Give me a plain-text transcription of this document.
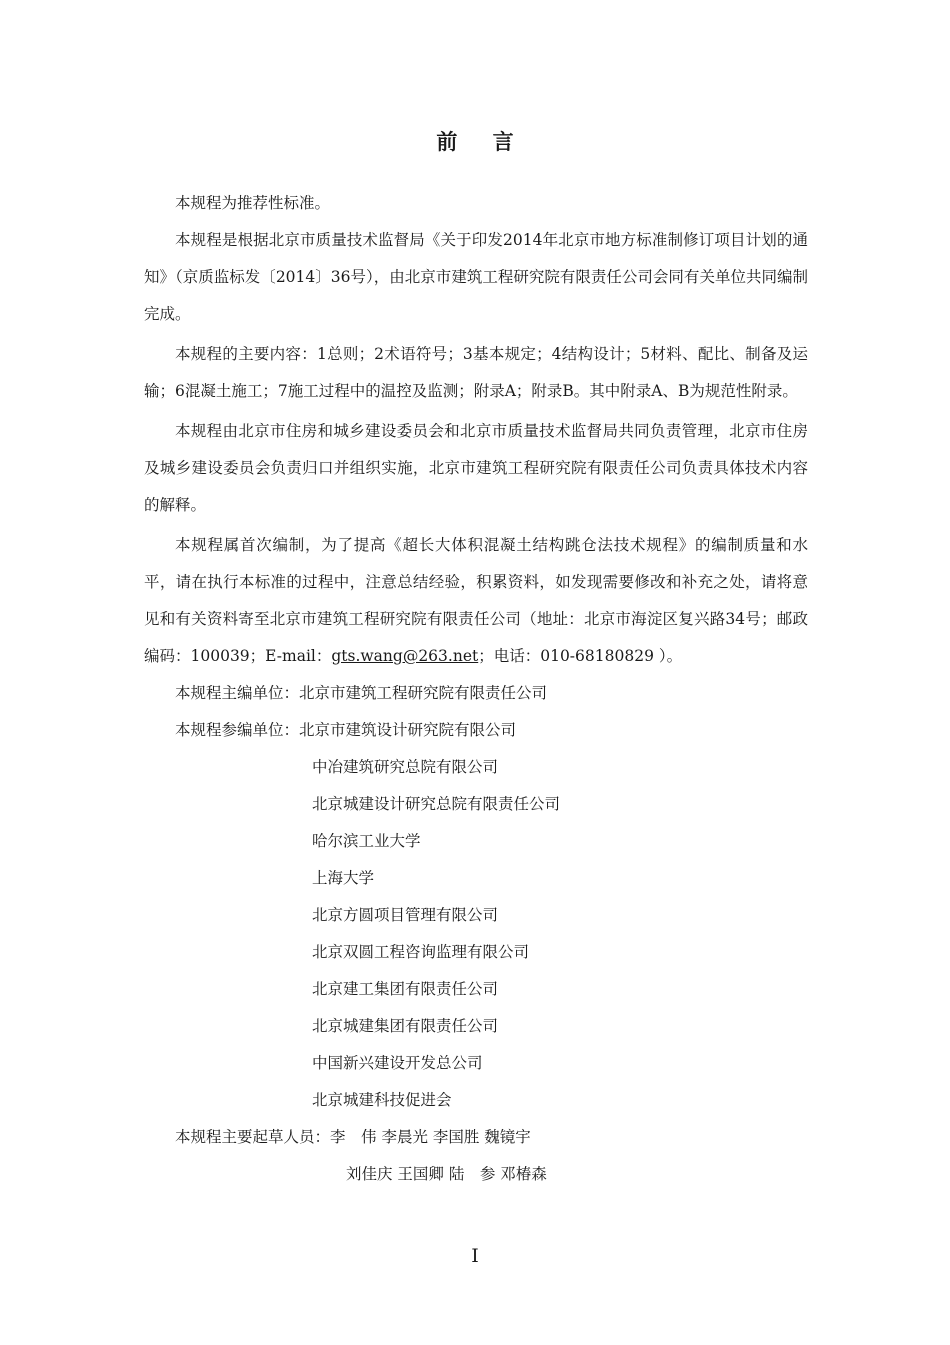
前 言

本规程为推荐性标准。

本规程是根据北京市质量技术监督局《关于印发2014年北京市地方标准制修订项目计划的通知》（京质监标发〔2014〕36号），由北京市建筑工程研究院有限责任公司会同有关单位共同编制完成。

本规程的主要内容：1总则；2术语符号；3基本规定；4结构设计；5材料、配比、制备及运输；6混凝土施工；7施工过程中的温控及监测；附录A；附录B。其中附录A、B为规范性附录。

本规程由北京市住房和城乡建设委员会和北京市质量技术监督局共同负责管理，北京市住房及城乡建设委员会负责归口并组织实施，北京市建筑工程研究院有限责任公司负责具体技术内容的解释。

本规程属首次编制，为了提高《超长大体积混凝土结构跳仓法技术规程》的编制质量和水平，请在执行本标准的过程中，注意总结经验，积累资料，如发现需要修改和补充之处，请将意见和有关资料寄至北京市建筑工程研究院有限责任公司（地址：北京市海淀区复兴路34号；邮政编码：100039；E-mail：gts.wang@263.net；电话：010-68180829 ）。

本规程主编单位：北京市建筑工程研究院有限责任公司

本规程参编单位：北京市建筑设计研究院有限公司

中冶建筑研究总院有限公司

北京城建设计研究总院有限责任公司

哈尔滨工业大学

上海大学

北京方圆项目管理有限公司

北京双圆工程咨询监理有限公司

北京建工集团有限责任公司

北京城建集团有限责任公司

中国新兴建设开发总公司

北京城建科技促进会

本规程主要起草人员：李　伟 李晨光 李国胜 魏镜宇

刘佳庆 王国卿 陆　参 邓椿森

I
